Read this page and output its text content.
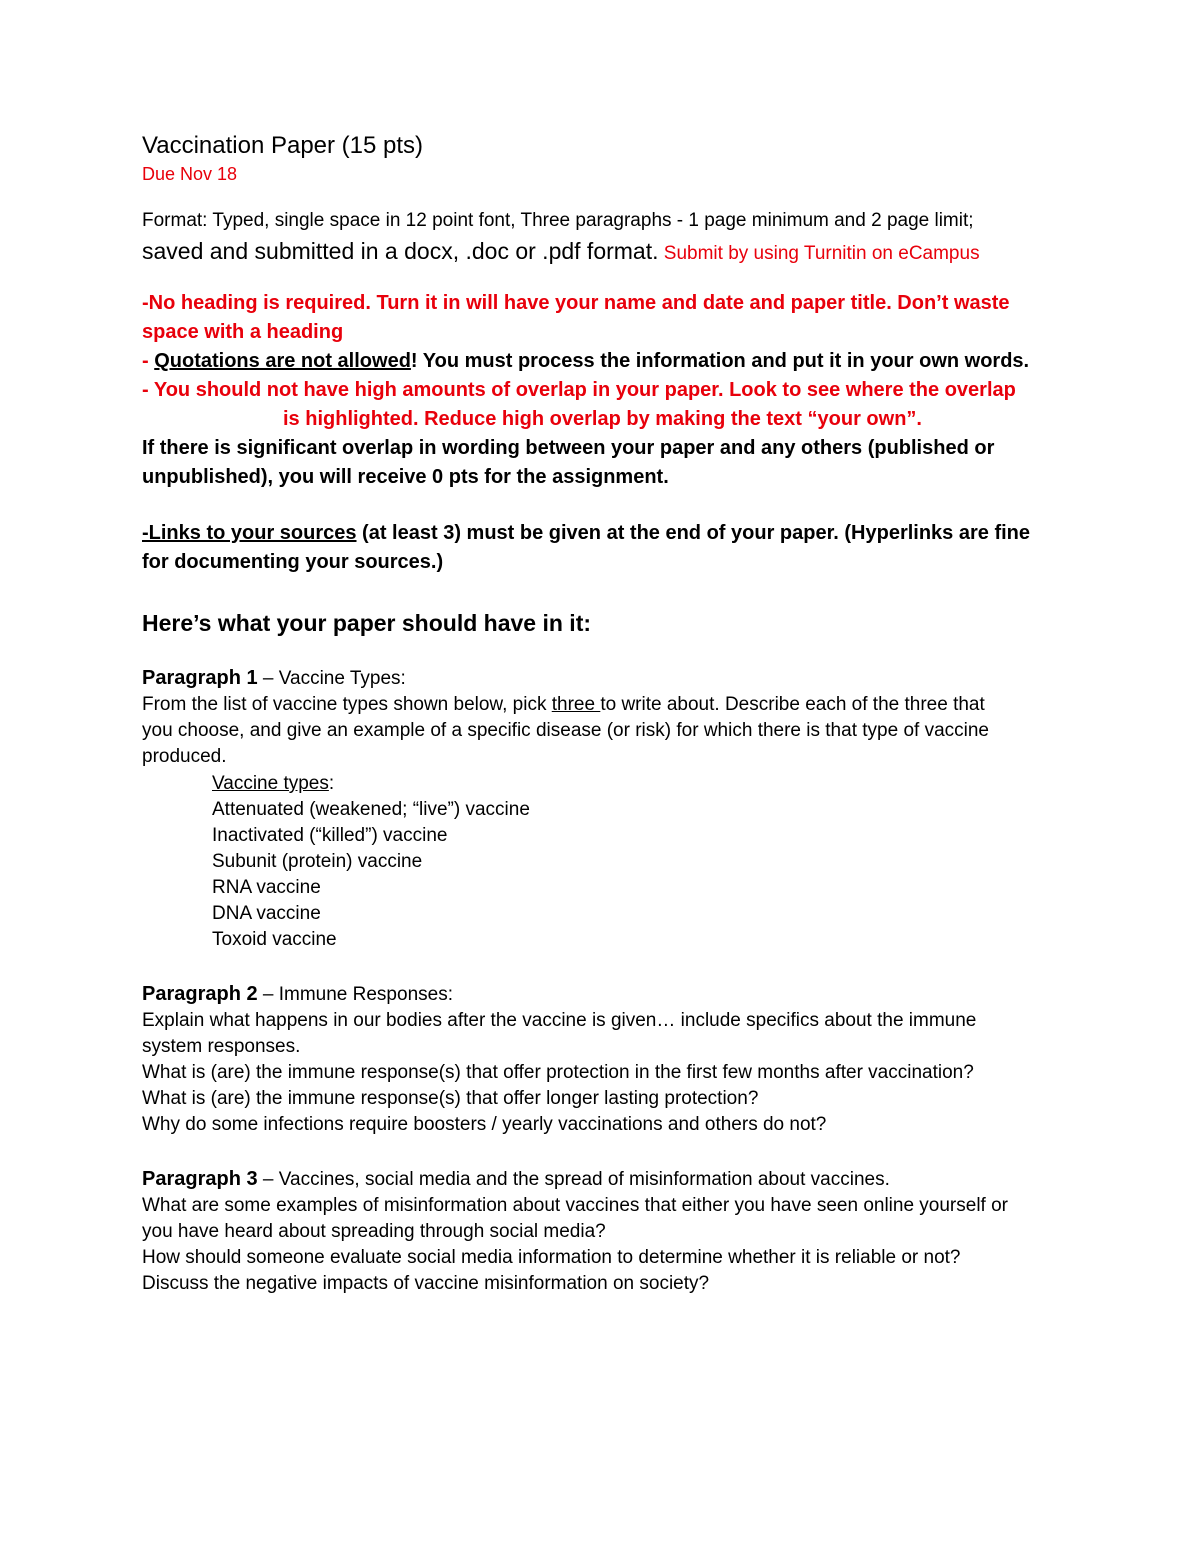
Vaccination Paper (15 pts)
Due Nov 18
Format: Typed, single space in 12 point font, Three paragraphs - 1 page minimum and 2 page limit;
saved and submitted in a docx, .doc or .pdf format. Submit by using Turnitin on eCampus
-No heading is required. Turn it in will have your name and date and paper title. Don’t waste
space with a heading
- Quotations are not allowed! You must process the information and put it in your own words.
- You should not have high amounts of overlap in your paper. Look to see where the overlap
is highlighted. Reduce high overlap by making the text “your own”.
If there is significant overlap in wording between your paper and any others (published or
unpublished), you will receive 0 pts for the assignment.
-Links to your sources (at least 3) must be given at the end of your paper. (Hyperlinks are fine
for documenting your sources.)
Here’s what your paper should have in it:
Paragraph 1 – Vaccine Types:
From the list of vaccine types shown below, pick three to write about. Describe each of the three that
you choose, and give an example of a specific disease (or risk) for which there is that type of vaccine
produced.
Vaccine types:
Attenuated (weakened; “live”) vaccine
Inactivated (“killed”) vaccine
Subunit (protein) vaccine
RNA vaccine
DNA vaccine
Toxoid vaccine
Paragraph 2 – Immune Responses:
Explain what happens in our bodies after the vaccine is given… include specifics about the immune
system responses.
What is (are) the immune response(s) that offer protection in the first few months after vaccination?
What is (are) the immune response(s) that offer longer lasting protection?
Why do some infections require boosters / yearly vaccinations and others do not?
Paragraph 3 – Vaccines, social media and the spread of misinformation about vaccines.
What are some examples of misinformation about vaccines that either you have seen online yourself or
you have heard about spreading through social media?
How should someone evaluate social media information to determine whether it is reliable or not?
Discuss the negative impacts of vaccine misinformation on society?
